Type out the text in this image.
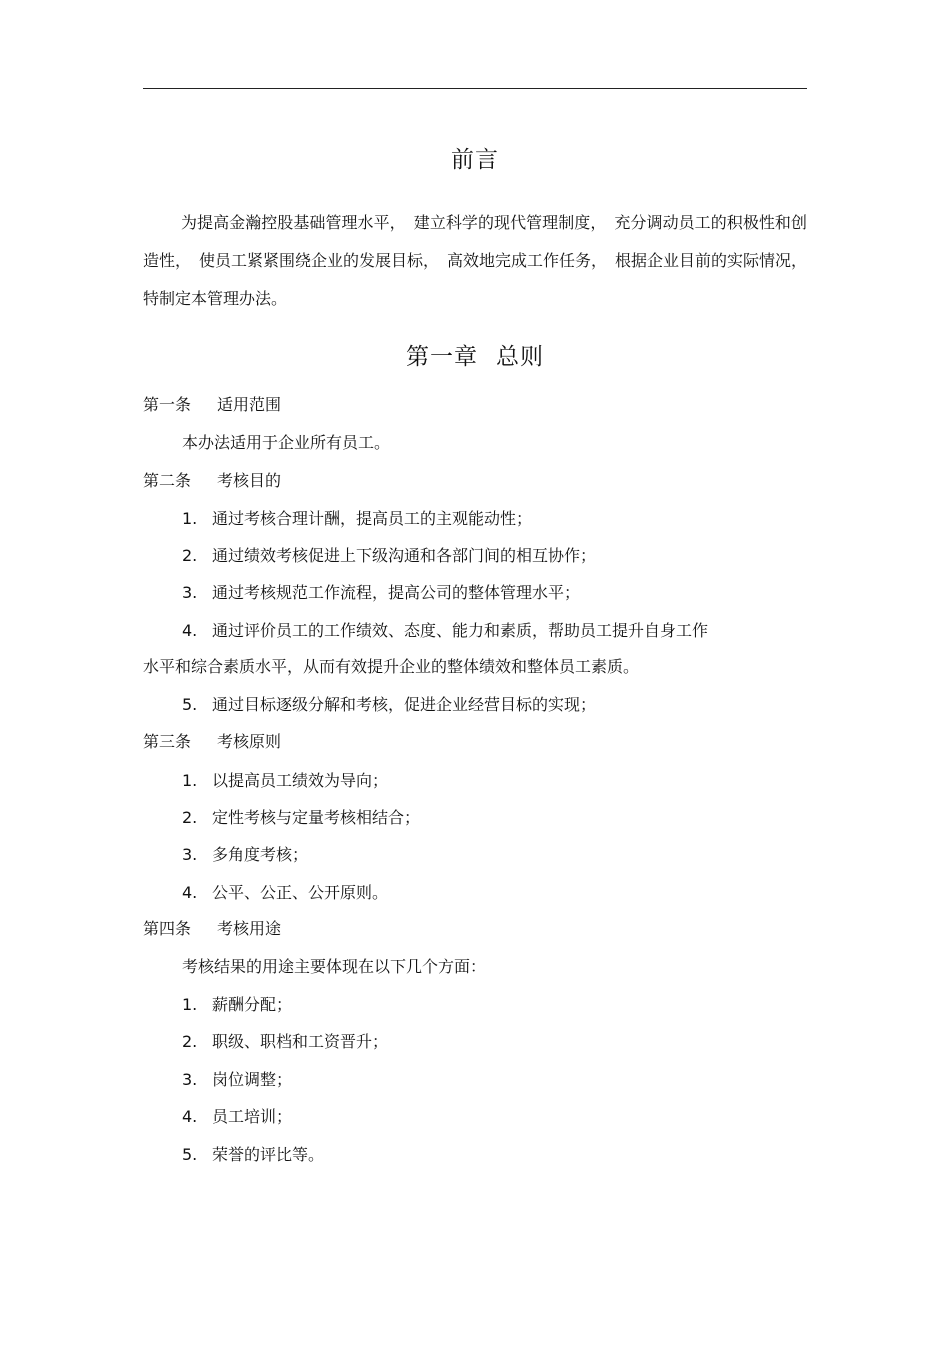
前言
为提高金瀚控股基础管理水平，　建立科学的现代管理制度，　充分调动员工的积极性和创造性，　使员工紧紧围绕企业的发展目标，　高效地完成工作任务，　根据企业目前的实际情况，特制定本管理办法。
第一章 总则
第一条 适用范围
本办法适用于企业所有员工。
第二条 考核目的
1. 通过考核合理计酬，提高员工的主观能动性；
2. 通过绩效考核促进上下级沟通和各部门间的相互协作；
3. 通过考核规范工作流程，提高公司的整体管理水平；
4. 通过评价员工的工作绩效、态度、能力和素质，帮助员工提升自身工作
水平和综合素质水平，从而有效提升企业的整体绩效和整体员工素质。
5. 通过目标逐级分解和考核，促进企业经营目标的实现；
第三条 考核原则
1. 以提高员工绩效为导向；
2. 定性考核与定量考核相结合；
3. 多角度考核；
4. 公平、公正、公开原则。
第四条 考核用途
考核结果的用途主要体现在以下几个方面：
1. 薪酬分配；
2. 职级、职档和工资晋升；
3. 岗位调整；
4. 员工培训；
5. 荣誉的评比等。
